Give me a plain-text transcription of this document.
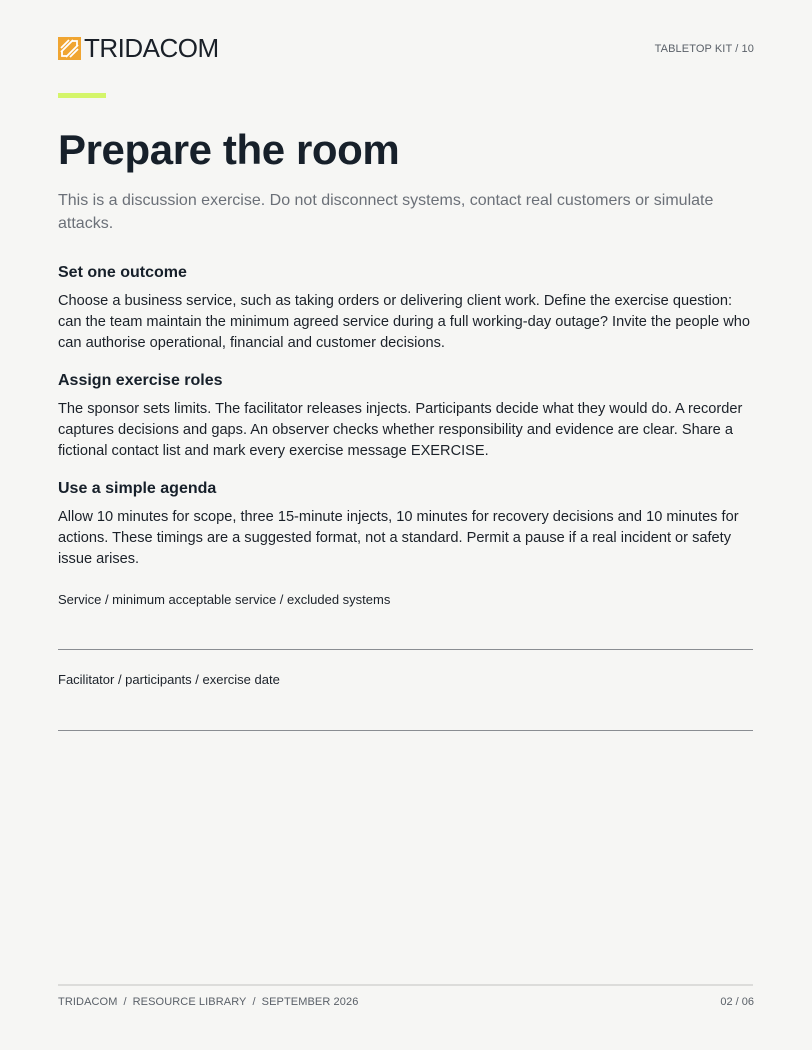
TRIDACOM	TABLETOP KIT / 10
Prepare the room

This is a discussion exercise. Do not disconnect systems, contact real customers or simulate attacks.

Set one outcome

Choose a business service, such as taking orders or delivering client work. Define the exercise question: can the team maintain the minimum agreed service during a full working-day outage? Invite the people who can authorise operational, financial and customer decisions.

Assign exercise roles

The sponsor sets limits. The facilitator releases injects. Participants decide what they would do. A recorder captures decisions and gaps. An observer checks whether responsibility and evidence are clear. Share a fictional contact list and mark every exercise message EXERCISE.

Use a simple agenda

Allow 10 minutes for scope, three 15-minute injects, 10 minutes for recovery decisions and 10 minutes for actions. These timings are a suggested format, not a standard. Permit a pause if a real incident or safety issue arises.

Service / minimum acceptable service / excluded systems
Facilitator / participants / exercise date
TRIDACOM / RESOURCE LIBRARY / SEPTEMBER 2026	02 / 06
